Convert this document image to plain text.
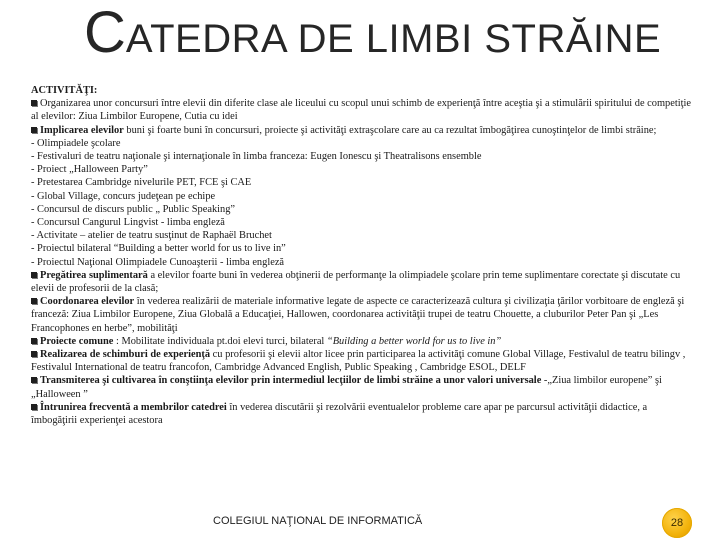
CATEDRA DE LIMBI STRĂINE

ACTIVITĂŢI:

Organizarea unor concursuri între elevii din diferite clase ale liceului cu scopul unui schimb de experienţă între aceştia şi a stimulării spiritului de competiţie al elevilor: Ziua Limbilor Europene, Cutia cu idei

Implicarea elevilor buni şi foarte buni în concursuri, proiecte şi activităţi extraşcolare care au ca rezultat îmbogăţirea cunoştinţelor de limbi străine;

- Olimpiadele şcolare

- Festivaluri de teatru naţionale şi internaţionale în limba franceza: Eugen Ionescu şi Theatralisons ensemble

- Proiect „Halloween Party”

- Pretestarea Cambridge nivelurile PET, FCE şi CAE

- Global Village, concurs judeţean pe echipe

- Concursul de discurs public „ Public Speaking”

- Concursul Cangurul Lingvist - limba engleză

- Activitate – atelier de teatru susţinut de Raphaël Bruchet

- Proiectul bilateral “Building a better world for us to live in”

- Proiectul Naţional Olimpiadele Cunoaşterii - limba engleză

Pregătirea suplimentară a elevilor foarte buni în vederea obţinerii de performanţe la olimpiadele şcolare prin teme suplimentare corectate şi discutate cu elevii de profesorii de la clasă;

Coordonarea elevilor în vederea realizării de materiale informative legate de aspecte ce caracterizează cultura şi civilizaţia ţărilor vorbitoare de engleză şi franceză: Ziua Limbilor Europene, Ziua Globală a Educaţiei, Hallowen, coordonarea activităţii trupei de teatru Chouette, a cluburilor Peter Pan şi „Les Francophones en herbe”, mobilităţi

Proiecte comune : Mobilitate individuala pt.doi elevi turci, bilateral “Building a better world for us to live in”

Realizarea de schimburi de experienţă cu profesorii şi elevii altor licee prin participarea la activităţi comune Global Village, Festivalul de teatru bilingv , Festivalul International de teatru francofon, Cambridge Advanced English, Public Speaking , Cambridge ESOL, DELF

Transmiterea şi cultivarea în conştiinţa elevilor prin intermediul lecţiilor de limbi străine a unor valori universale -„Ziua limbilor europene” şi „Halloween ”

Întrunirea frecventă a membrilor catedrei în vederea discutării şi rezolvării eventualelor probleme care apar pe parcursul activităţii didactice, a îmbogăţirii experienţei acestora

COLEGIUL NAŢIONAL DE INFORMATICĂ	28
